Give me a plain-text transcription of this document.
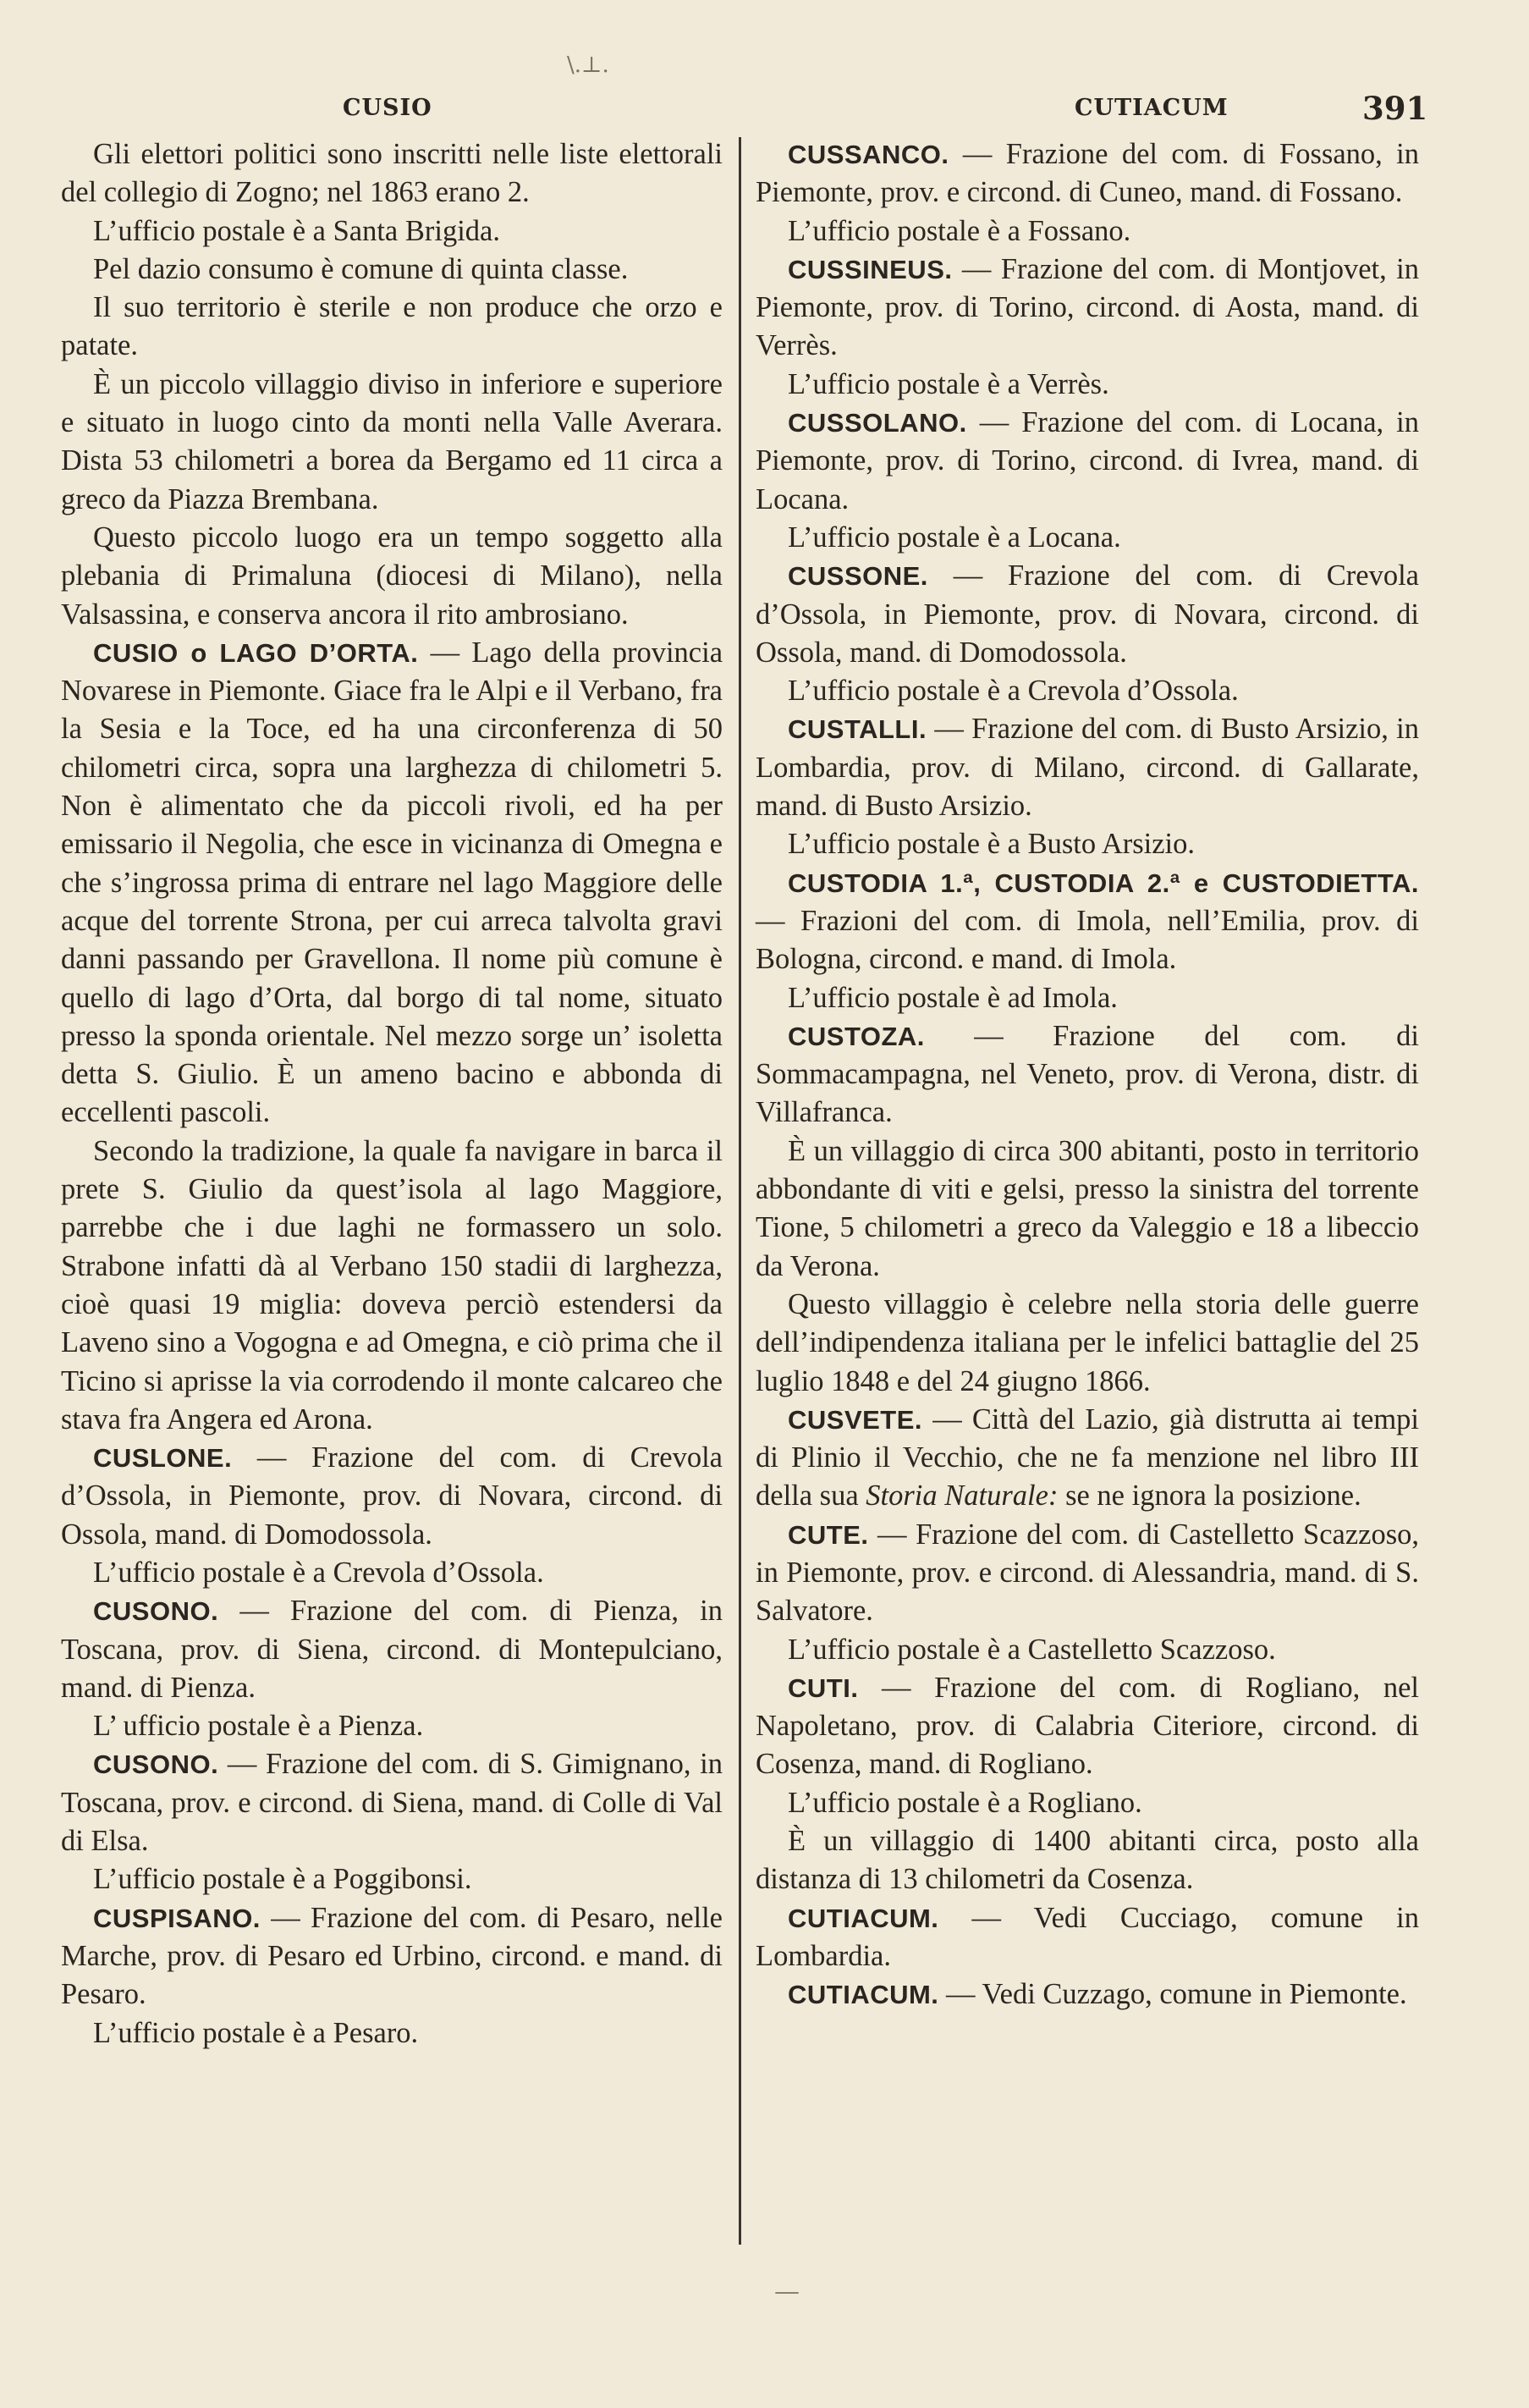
\.⊥.
CUSIO	CUTIACUM	391

Gli elettori politici sono inscritti nelle liste elettorali del collegio di Zogno; nel 1863 erano 2.

L’ufficio postale è a Santa Brigida.

Pel dazio consumo è comune di quinta classe.

Il suo territorio è sterile e non produce che orzo e patate.

È un piccolo villaggio diviso in inferiore e superiore e situato in luogo cinto da monti nella Valle Averara. Dista 53 chilometri a borea da Bergamo ed 11 circa a greco da Piazza Brembana.

Questo piccolo luogo era un tempo soggetto alla plebania di Primaluna (diocesi di Milano), nella Valsassina, e conserva ancora il rito ambrosiano.

CUSIO o LAGO D’ORTA. — Lago della provincia Novarese in Piemonte. Giace fra le Alpi e il Verbano, fra la Sesia e la Toce, ed ha una circonferenza di 50 chilometri circa, sopra una larghezza di chilometri 5. Non è alimentato che da piccoli rivoli, ed ha per emissario il Negolia, che esce in vicinanza di Omegna e che s’ingrossa prima di entrare nel lago Maggiore delle acque del torrente Strona, per cui arreca talvolta gravi danni passando per Gravellona. Il nome più comune è quello di lago d’Orta, dal borgo di tal nome, situato presso la sponda orientale. Nel mezzo sorge un’ isoletta detta S. Giulio. È un ameno bacino e abbonda di eccellenti pascoli.

Secondo la tradizione, la quale fa navigare in barca il prete S. Giulio da quest’isola al lago Maggiore, parrebbe che i due laghi ne formassero un solo. Strabone infatti dà al Verbano 150 stadii di larghezza, cioè quasi 19 miglia: doveva perciò estendersi da Laveno sino a Vogogna e ad Omegna, e ciò prima che il Ticino si aprisse la via corrodendo il monte calcareo che stava fra Angera ed Arona.

CUSLONE. — Frazione del com. di Crevola d’Ossola, in Piemonte, prov. di Novara, circond. di Ossola, mand. di Domodossola.

L’ufficio postale è a Crevola d’Ossola.

CUSONO. — Frazione del com. di Pienza, in Toscana, prov. di Siena, circond. di Montepulciano, mand. di Pienza.

L’ ufficio postale è a Pienza.

CUSONO. — Frazione del com. di S. Gimignano, in Toscana, prov. e circond. di Siena, mand. di Colle di Val di Elsa.

L’ufficio postale è a Poggibonsi.

CUSPISANO. — Frazione del com. di Pesaro, nelle Marche, prov. di Pesaro ed Urbino, circond. e mand. di Pesaro.

L’ufficio postale è a Pesaro.

CUSSANCO. — Frazione del com. di Fossano, in Piemonte, prov. e circond. di Cuneo, mand. di Fossano.

L’ufficio postale è a Fossano.

CUSSINEUS. — Frazione del com. di Montjovet, in Piemonte, prov. di Torino, circond. di Aosta, mand. di Verrès.

L’ufficio postale è a Verrès.

CUSSOLANO. — Frazione del com. di Locana, in Piemonte, prov. di Torino, circond. di Ivrea, mand. di Locana.

L’ufficio postale è a Locana.

CUSSONE. — Frazione del com. di Crevola d’Ossola, in Piemonte, prov. di Novara, circond. di Ossola, mand. di Domodossola.

L’ufficio postale è a Crevola d’Ossola.

CUSTALLI. — Frazione del com. di Busto Arsizio, in Lombardia, prov. di Milano, circond. di Gallarate, mand. di Busto Arsizio.

L’ufficio postale è a Busto Arsizio.

CUSTODIA 1.ª, CUSTODIA 2.ª e CUSTODIETTA. — Frazioni del com. di Imola, nell’Emilia, prov. di Bologna, circond. e mand. di Imola.

L’ufficio postale è ad Imola.

CUSTOZA. — Frazione del com. di Sommacampagna, nel Veneto, prov. di Verona, distr. di Villafranca.

È un villaggio di circa 300 abitanti, posto in territorio abbondante di viti e gelsi, presso la sinistra del torrente Tione, 5 chilometri a greco da Valeggio e 18 a libeccio da Verona.

Questo villaggio è celebre nella storia delle guerre dell’indipendenza italiana per le infelici battaglie del 25 luglio 1848 e del 24 giugno 1866.

CUSVETE. — Città del Lazio, già distrutta ai tempi di Plinio il Vecchio, che ne fa menzione nel libro III della sua Storia Naturale: se ne ignora la posizione.

CUTE. — Frazione del com. di Castelletto Scazzoso, in Piemonte, prov. e circond. di Alessandria, mand. di S. Salvatore.

L’ufficio postale è a Castelletto Scazzoso.

CUTI. — Frazione del com. di Rogliano, nel Napoletano, prov. di Calabria Citeriore, circond. di Cosenza, mand. di Rogliano.

L’ufficio postale è a Rogliano.

È un villaggio di 1400 abitanti circa, posto alla distanza di 13 chilometri da Cosenza.

CUTIACUM. — Vedi Cucciago, comune in Lombardia.

CUTIACUM. — Vedi Cuzzago, comune in Piemonte.

—
